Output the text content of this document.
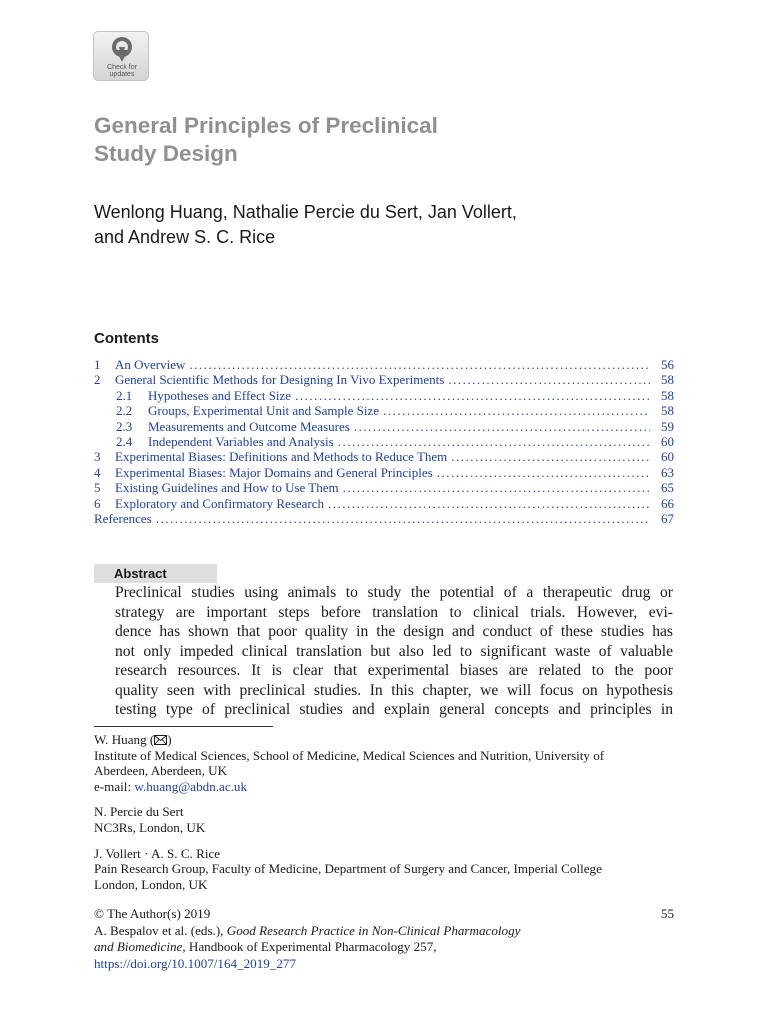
Check for
updates
General Principles of Preclinical
Study Design
Wenlong Huang, Nathalie Percie du Sert, Jan Vollert,
and Andrew S. C. Rice
Contents
1	An Overview .....	56
2	General Scientific Methods for Designing In Vivo Experiments .....	58
2.1	Hypotheses and Effect Size .....	58
2.2	Groups, Experimental Unit and Sample Size .....	58
2.3	Measurements and Outcome Measures .....	59
2.4	Independent Variables and Analysis .....	60
3	Experimental Biases: Definitions and Methods to Reduce Them .....	60
4	Experimental Biases: Major Domains and General Principles .....	63
5	Existing Guidelines and How to Use Them .....	65
6	Exploratory and Confirmatory Research .....	66
References .....	67
Abstract
Preclinical studies using animals to study the potential of a therapeutic drug or
strategy are important steps before translation to clinical trials. However, evi-
dence has shown that poor quality in the design and conduct of these studies has
not only impeded clinical translation but also led to significant waste of valuable
research resources. It is clear that experimental biases are related to the poor
quality seen with preclinical studies. In this chapter, we will focus on hypothesis
testing type of preclinical studies and explain general concepts and principles in
W. Huang ( )
Institute of Medical Sciences, School of Medicine, Medical Sciences and Nutrition, University of
Aberdeen, Aberdeen, UK
e-mail: w.huang@abdn.ac.uk
N. Percie du Sert
NC3Rs, London, UK
J. Vollert · A. S. C. Rice
Pain Research Group, Faculty of Medicine, Department of Surgery and Cancer, Imperial College
London, London, UK
© The Author(s) 2019
A. Bespalov et al. (eds.), Good Research Practice in Non-Clinical Pharmacology
and Biomedicine, Handbook of Experimental Pharmacology 257,
https://doi.org/10.1007/164_2019_277
55
